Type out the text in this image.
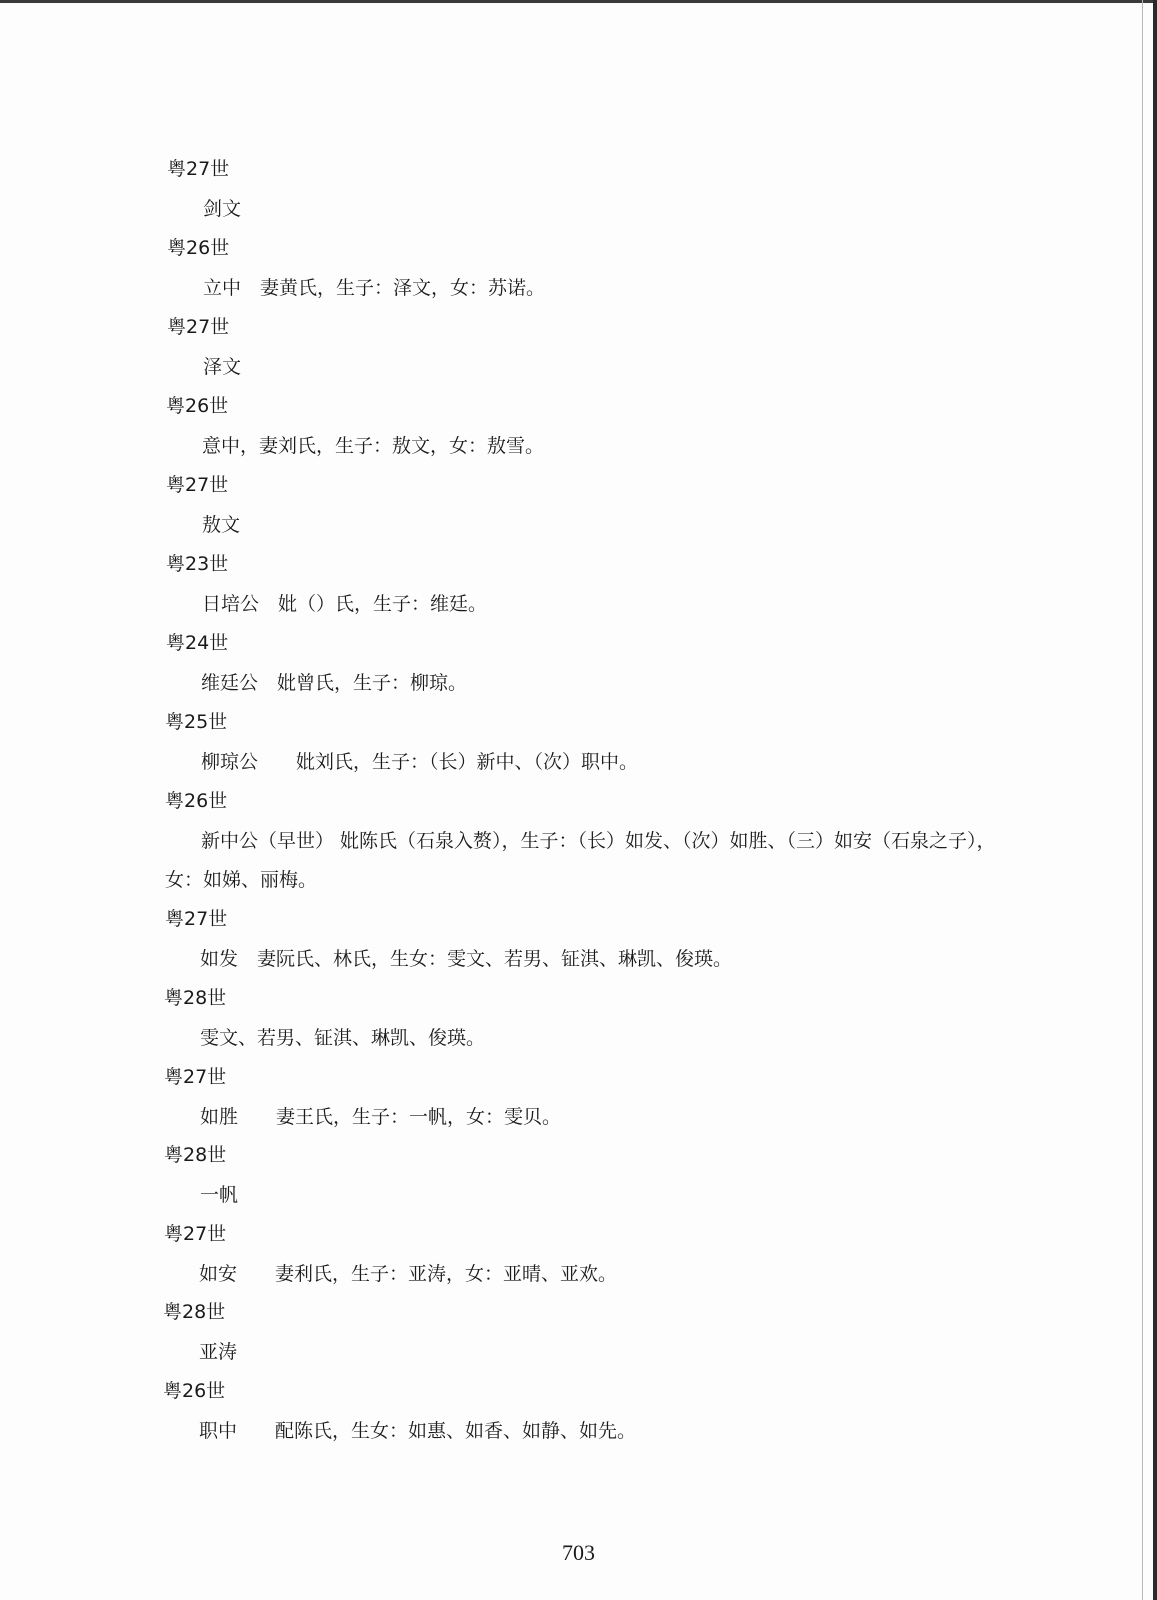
粤27世
剑文
粤26世
立中　妻黄氏，生子：泽文，女：苏诺。
粤27世
泽文
粤26世
意中，妻刘氏，生子：敖文，女：敖雪。
粤27世
敖文
粤23世
日培公　妣（）氏，生子：维廷。
粤24世
维廷公　妣曾氏，生子：柳琼。
粤25世
柳琼公　　妣刘氏，生子：（长）新中、（次）职中。
粤26世
新中公（早世） 妣陈氏（石泉入赘），生子：（长）如发、（次）如胜、（三）如安（石泉之子），
女：如娣、丽梅。
粤27世
如发　妻阮氏、林氏，生女：雯文、若男、钲淇、琳凯、俊瑛。
粤28世
雯文、若男、钲淇、琳凯、俊瑛。
粤27世
如胜　　妻王氏，生子：一帆，女：雯贝。
粤28世
一帆
粤27世
如安　　妻利氏，生子：亚涛，女：亚晴、亚欢。
粤28世
亚涛
粤26世
职中　　配陈氏，生女：如惠、如香、如静、如先。
703
